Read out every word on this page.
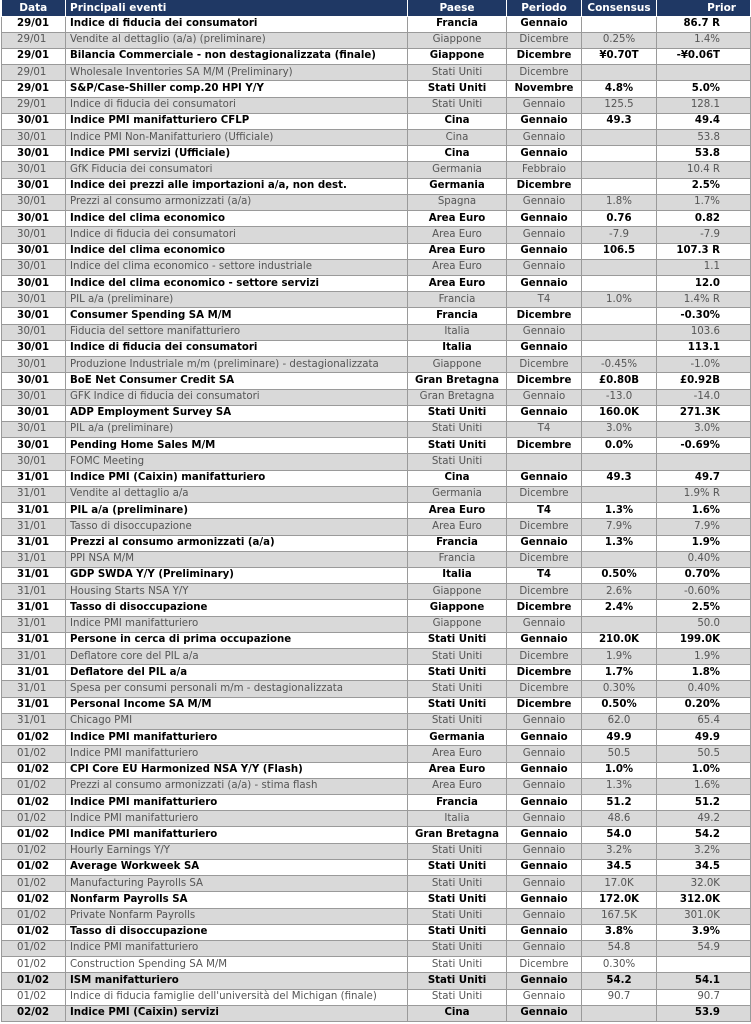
Data	Principali eventi	Paese	Periodo	Consensus	Prior
29/01	Indice di fiducia dei consumatori	Francia	Gennaio		86.7 R
29/01	Vendite al dettaglio (a/a) (preliminare)	Giappone	Dicembre	0.25%	1.4%
29/01	Bilancia Commerciale - non destagionalizzata (finale)	Giappone	Dicembre	¥0.70T	-¥0.06T
29/01	Wholesale Inventories SA M/M (Preliminary)	Stati Uniti	Dicembre		
29/01	S&P/Case-Shiller comp.20 HPI Y/Y	Stati Uniti	Novembre	4.8%	5.0%
29/01	Indice di fiducia dei consumatori	Stati Uniti	Gennaio	125.5	128.1
30/01	Indice PMI manifatturiero CFLP	Cina	Gennaio	49.3	49.4
30/01	Indice PMI Non-Manifatturiero (Ufficiale)	Cina	Gennaio		53.8
30/01	Indice PMI servizi (Ufficiale)	Cina	Gennaio		53.8
30/01	GfK Fiducia dei consumatori	Germania	Febbraio		10.4 R
30/01	Indice dei prezzi alle importazioni a/a, non dest.	Germania	Dicembre		2.5%
30/01	Prezzi al consumo armonizzati (a/a)	Spagna	Gennaio	1.8%	1.7%
30/01	Indice del clima economico	Area Euro	Gennaio	0.76	0.82
30/01	Indice di fiducia dei consumatori	Area Euro	Gennaio	-7.9	-7.9
30/01	Indice del clima economico	Area Euro	Gennaio	106.5	107.3 R
30/01	Indice del clima economico - settore industriale	Area Euro	Gennaio		1.1
30/01	Indice del clima economico - settore servizi	Area Euro	Gennaio		12.0
30/01	PIL a/a (preliminare)	Francia	T4	1.0%	1.4% R
30/01	Consumer Spending SA M/M	Francia	Dicembre		-0.30%
30/01	Fiducia del settore manifatturiero	Italia	Gennaio		103.6
30/01	Indice di fiducia dei consumatori	Italia	Gennaio		113.1
30/01	Produzione Industriale m/m (preliminare) - destagionalizzata	Giappone	Dicembre	-0.45%	-1.0%
30/01	BoE Net Consumer Credit SA	Gran Bretagna	Dicembre	£0.80B	£0.92B
30/01	GFK Indice di fiducia dei consumatori	Gran Bretagna	Gennaio	-13.0	-14.0
30/01	ADP Employment Survey SA	Stati Uniti	Gennaio	160.0K	271.3K
30/01	PIL a/a (preliminare)	Stati Uniti	T4	3.0%	3.0%
30/01	Pending Home Sales M/M	Stati Uniti	Dicembre	0.0%	-0.69%
30/01	FOMC Meeting	Stati Uniti			
31/01	Indice PMI (Caixin) manifatturiero	Cina	Gennaio	49.3	49.7
31/01	Vendite al dettaglio a/a	Germania	Dicembre		1.9% R
31/01	PIL a/a (preliminare)	Area Euro	T4	1.3%	1.6%
31/01	Tasso di disoccupazione	Area Euro	Dicembre	7.9%	7.9%
31/01	Prezzi al consumo armonizzati (a/a)	Francia	Gennaio	1.3%	1.9%
31/01	PPI NSA M/M	Francia	Dicembre		0.40%
31/01	GDP SWDA Y/Y (Preliminary)	Italia	T4	0.50%	0.70%
31/01	Housing Starts NSA Y/Y	Giappone	Dicembre	2.6%	-0.60%
31/01	Tasso di disoccupazione	Giappone	Dicembre	2.4%	2.5%
31/01	Indice PMI manifatturiero	Giappone	Gennaio		50.0
31/01	Persone in cerca di prima occupazione	Stati Uniti	Gennaio	210.0K	199.0K
31/01	Deflatore core del PIL a/a	Stati Uniti	Dicembre	1.9%	1.9%
31/01	Deflatore del PIL a/a	Stati Uniti	Dicembre	1.7%	1.8%
31/01	Spesa per consumi personali m/m - destagionalizzata	Stati Uniti	Dicembre	0.30%	0.40%
31/01	Personal Income SA M/M	Stati Uniti	Dicembre	0.50%	0.20%
31/01	Chicago PMI	Stati Uniti	Gennaio	62.0	65.4
01/02	Indice PMI manifatturiero	Germania	Gennaio	49.9	49.9
01/02	Indice PMI manifatturiero	Area Euro	Gennaio	50.5	50.5
01/02	CPI Core EU Harmonized NSA Y/Y (Flash)	Area Euro	Gennaio	1.0%	1.0%
01/02	Prezzi al consumo armonizzati (a/a) - stima flash	Area Euro	Gennaio	1.3%	1.6%
01/02	Indice PMI manifatturiero	Francia	Gennaio	51.2	51.2
01/02	Indice PMI manifatturiero	Italia	Gennaio	48.6	49.2
01/02	Indice PMI manifatturiero	Gran Bretagna	Gennaio	54.0	54.2
01/02	Hourly Earnings Y/Y	Stati Uniti	Gennaio	3.2%	3.2%
01/02	Average Workweek SA	Stati Uniti	Gennaio	34.5	34.5
01/02	Manufacturing Payrolls SA	Stati Uniti	Gennaio	17.0K	32.0K
01/02	Nonfarm Payrolls SA	Stati Uniti	Gennaio	172.0K	312.0K
01/02	Private Nonfarm Payrolls	Stati Uniti	Gennaio	167.5K	301.0K
01/02	Tasso di disoccupazione	Stati Uniti	Gennaio	3.8%	3.9%
01/02	Indice PMI manifatturiero	Stati Uniti	Gennaio	54.8	54.9
01/02	Construction Spending SA M/M	Stati Uniti	Dicembre	0.30%	
01/02	ISM manifatturiero	Stati Uniti	Gennaio	54.2	54.1
01/02	Indice di fiducia famiglie dell'università del Michigan (finale)	Stati Uniti	Gennaio	90.7	90.7
02/02	Indice PMI (Caixin) servizi	Cina	Gennaio		53.9
